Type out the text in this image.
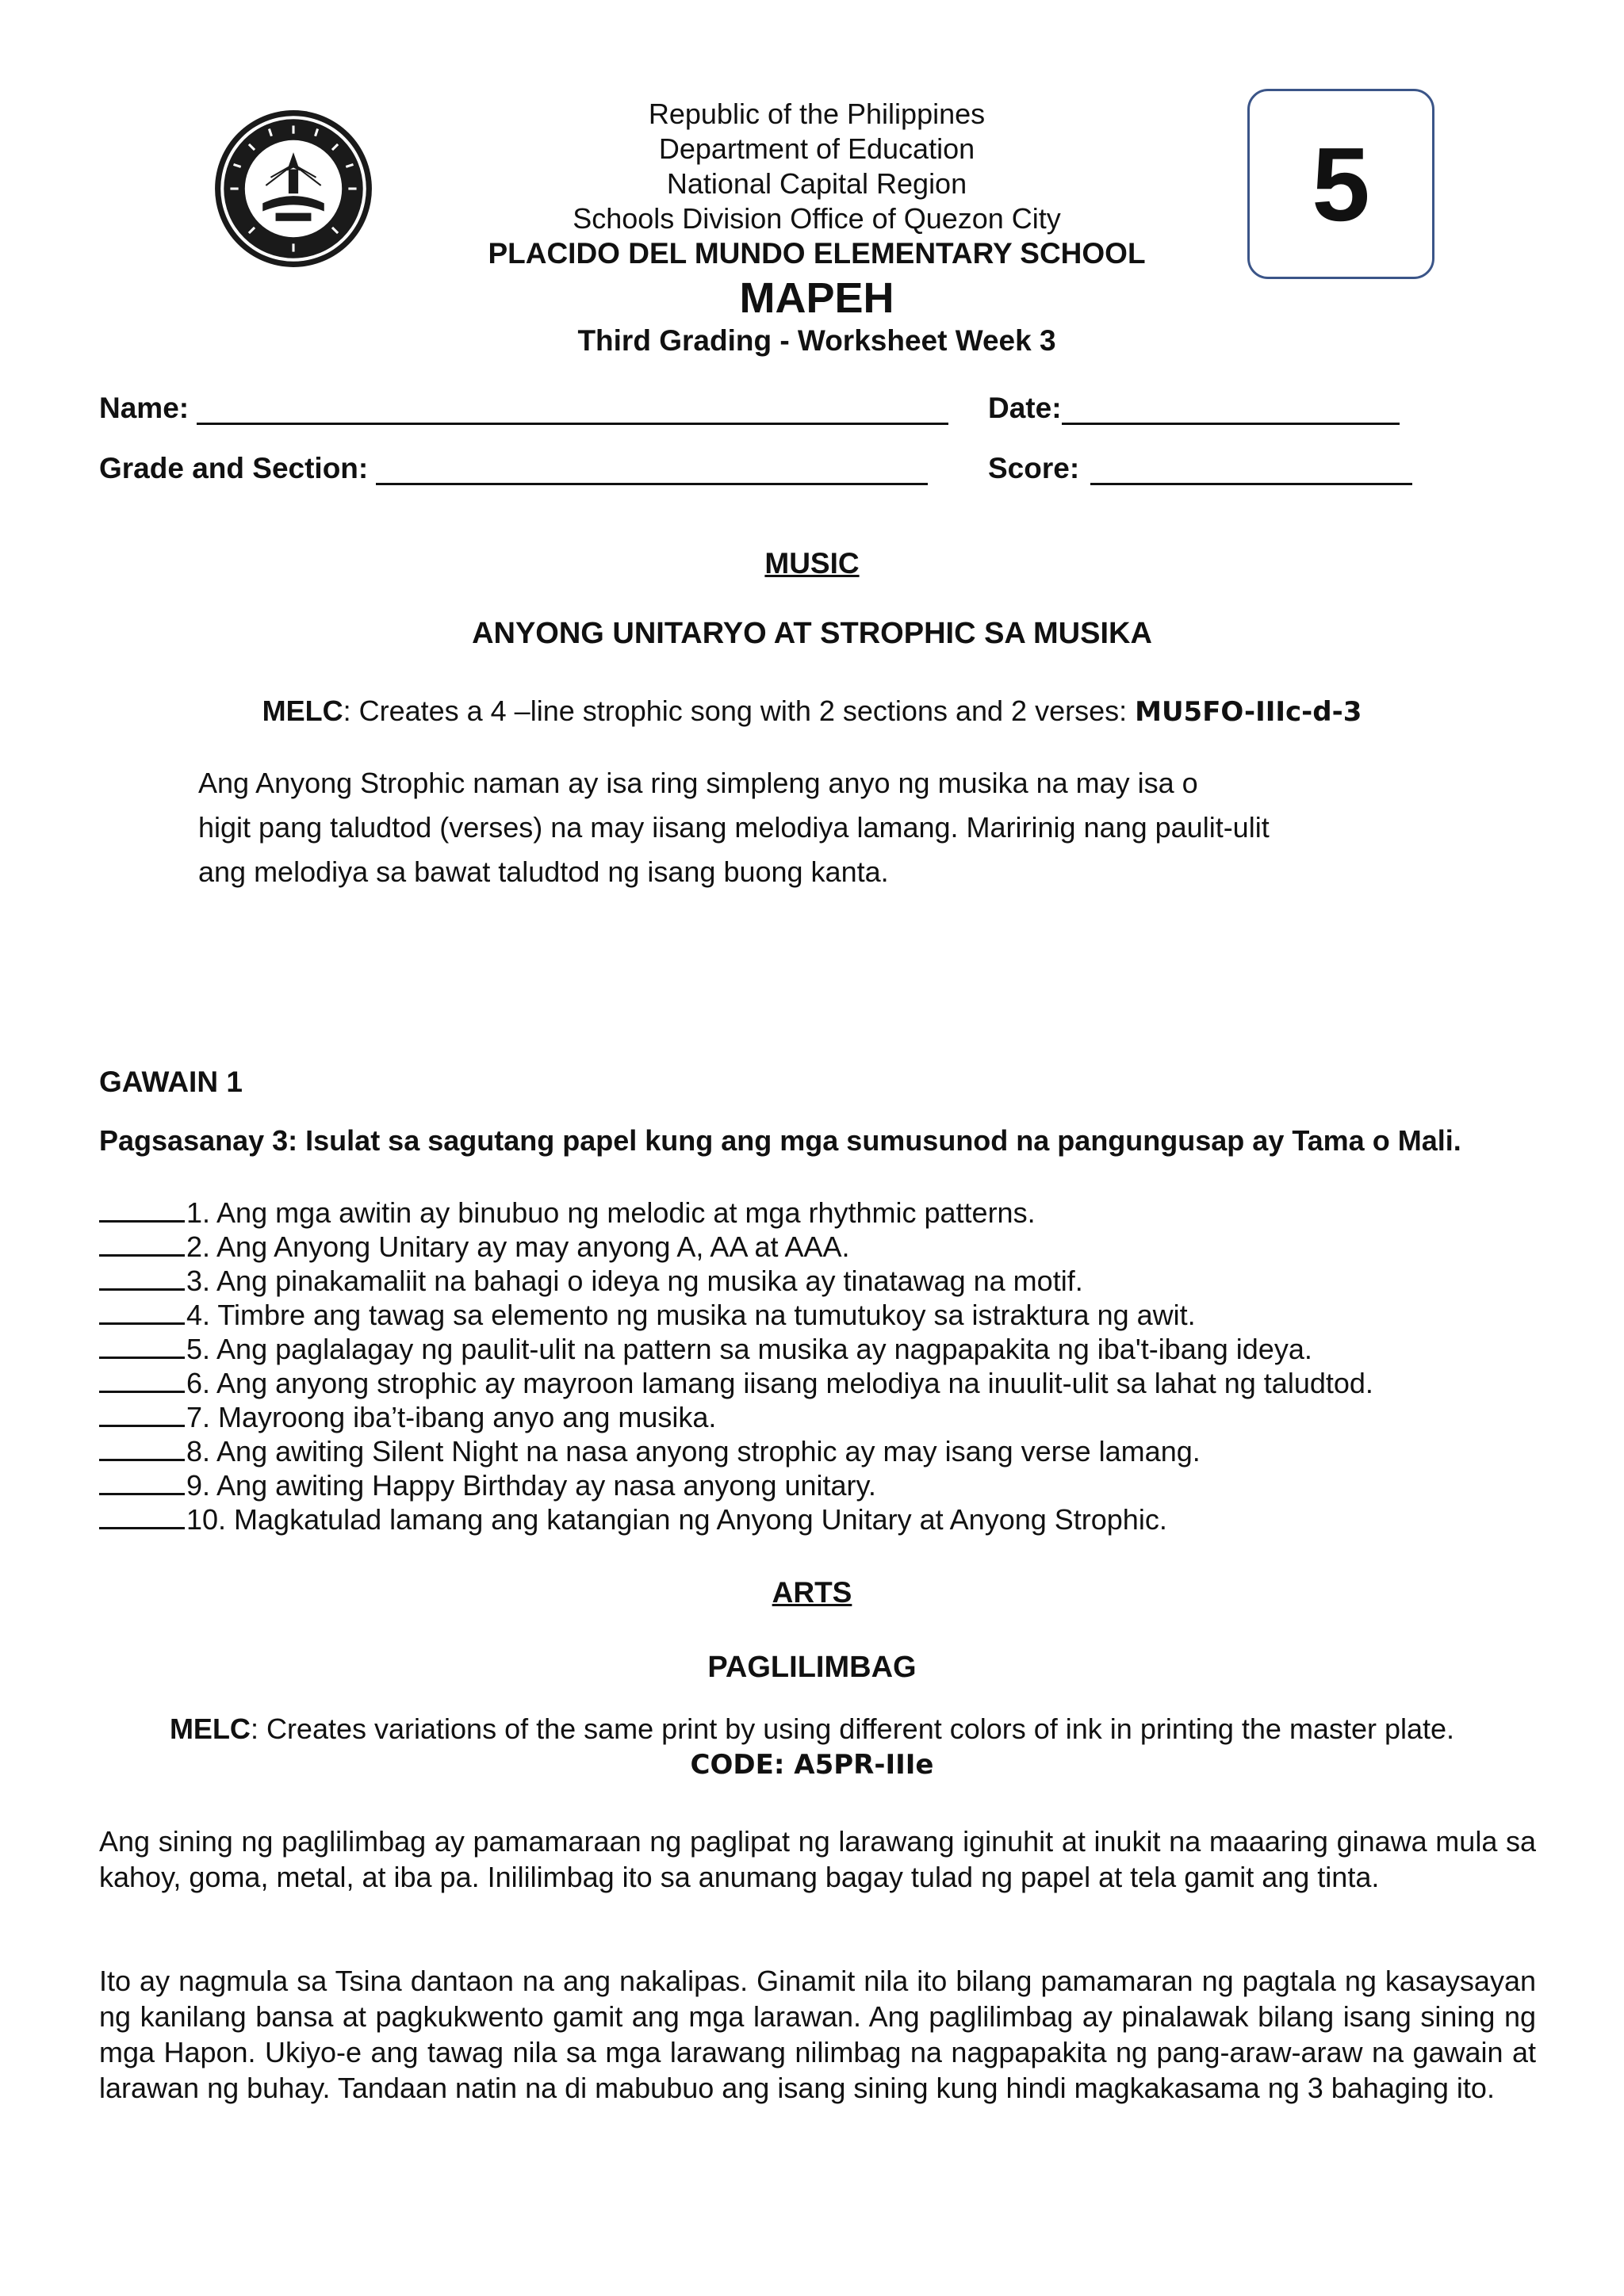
Republic of the Philippines
Department of Education
National Capital Region
Schools Division Office of Quezon City
PLACIDO DEL MUNDO ELEMENTARY SCHOOL
MAPEH
Third Grading - Worksheet Week 3
5
Name:	Date:
Grade and Section:	Score:
MUSIC
ANYONG UNITARYO AT STROPHIC SA MUSIKA
MELC: Creates a 4 –line strophic song with 2 sections and 2 verses: MU5FO-IIIc-d-3
Ang Anyong Strophic naman ay isa ring simpleng anyo ng musika na may isa o
higit pang taludtod (verses) na may iisang melodiya lamang. Maririnig nang paulit-ulit
ang melodiya sa bawat taludtod ng isang buong kanta.
GAWAIN 1
Pagsasanay 3: Isulat sa sagutang papel kung ang mga sumusunod na pangungusap ay Tama o Mali.
1. Ang mga awitin ay binubuo ng melodic at mga rhythmic patterns.
2. Ang Anyong Unitary ay may anyong A, AA at AAA.
3. Ang pinakamaliit na bahagi o ideya ng musika ay tinatawag na motif.
4. Timbre ang tawag sa elemento ng musika na tumutukoy sa istraktura ng awit.
5. Ang paglalagay ng paulit-ulit na pattern sa musika ay nagpapakita ng iba't-ibang ideya.
6. Ang anyong strophic ay mayroon lamang iisang melodiya na inuulit-ulit sa lahat ng taludtod.
7. Mayroong iba’t-ibang anyo ang musika.
8. Ang awiting Silent Night na nasa anyong strophic ay may isang verse lamang.
9. Ang awiting Happy Birthday ay nasa anyong unitary.
10. Magkatulad lamang ang katangian ng Anyong Unitary at Anyong Strophic.
ARTS
PAGLILIMBAG
MELC: Creates variations of the same print by using different colors of ink in printing the master plate.
CODE: A5PR-IIIe
Ang sining ng paglilimbag ay pamamaraan ng paglipat ng larawang iginuhit at inukit na maaaring ginawa mula sa kahoy, goma, metal, at iba pa. Inililimbag ito sa anumang bagay tulad ng papel at tela gamit ang tinta.
Ito ay nagmula sa Tsina dantaon na ang nakalipas. Ginamit nila ito bilang pamamaran ng pagtala ng kasaysayan ng kanilang bansa at pagkukwento gamit ang mga larawan. Ang paglilimbag ay pinalawak bilang isang sining ng mga Hapon. Ukiyo-e ang tawag nila sa mga larawang nilimbag na nagpapakita ng pang-araw-araw na gawain at larawan ng buhay. Tandaan natin na di mabubuo ang isang sining kung hindi magkakasama ng 3 bahaging ito.
